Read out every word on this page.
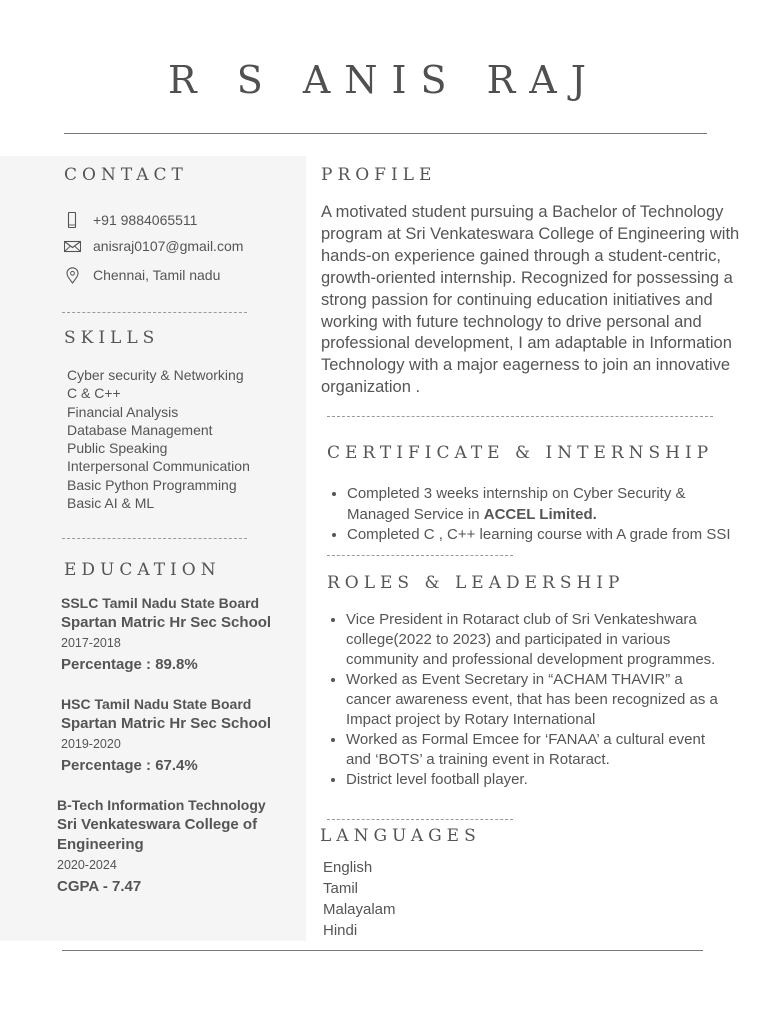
R S ANIS RAJ
CONTACT
+91 9884065511
anisraj0107@gmail.com
Chennai, Tamil nadu
SKILLS
Cyber security & Networking
C & C++
Financial Analysis
Database Management
Public Speaking
Interpersonal Communication
Basic Python Programming
Basic AI & ML
EDUCATION
SSLC Tamil Nadu State Board
Spartan Matric Hr Sec School
2017-2018
Percentage : 89.8%
HSC Tamil Nadu State Board
Spartan Matric Hr Sec School
2019-2020
Percentage : 67.4%
B-Tech Information Technology
Sri Venkateswara College of Engineering
2020-2024
CGPA - 7.47
PROFILE

A motivated student pursuing a Bachelor of Technology program at Sri Venkateswara College of Engineering with hands-on experience gained through a student-centric, growth-oriented internship. Recognized for possessing a strong passion for continuing education initiatives and working with future technology to drive personal and professional development, I am adaptable in Information Technology with a major eagerness to join an innovative organization .

CERTIFICATE & INTERNSHIP
• Completed 3 weeks internship on Cyber Security & Managed Service in ACCEL Limited.
• Completed C , C++ learning course with A grade from SSI
ROLES & LEADERSHIP
• Vice President in Rotaract club of Sri Venkateshwara college(2022 to 2023) and participated in various community and professional development programmes.
• Worked as Event Secretary in “ACHAM THAVIR” a cancer awareness event, that has been recognized as a Impact project by Rotary International
• Worked as Formal Emcee for ‘FANAA’ a cultural event and ‘BOTS’ a training event in Rotaract.
• District level football player.
LANGUAGES
English
Tamil
Malayalam
Hindi
